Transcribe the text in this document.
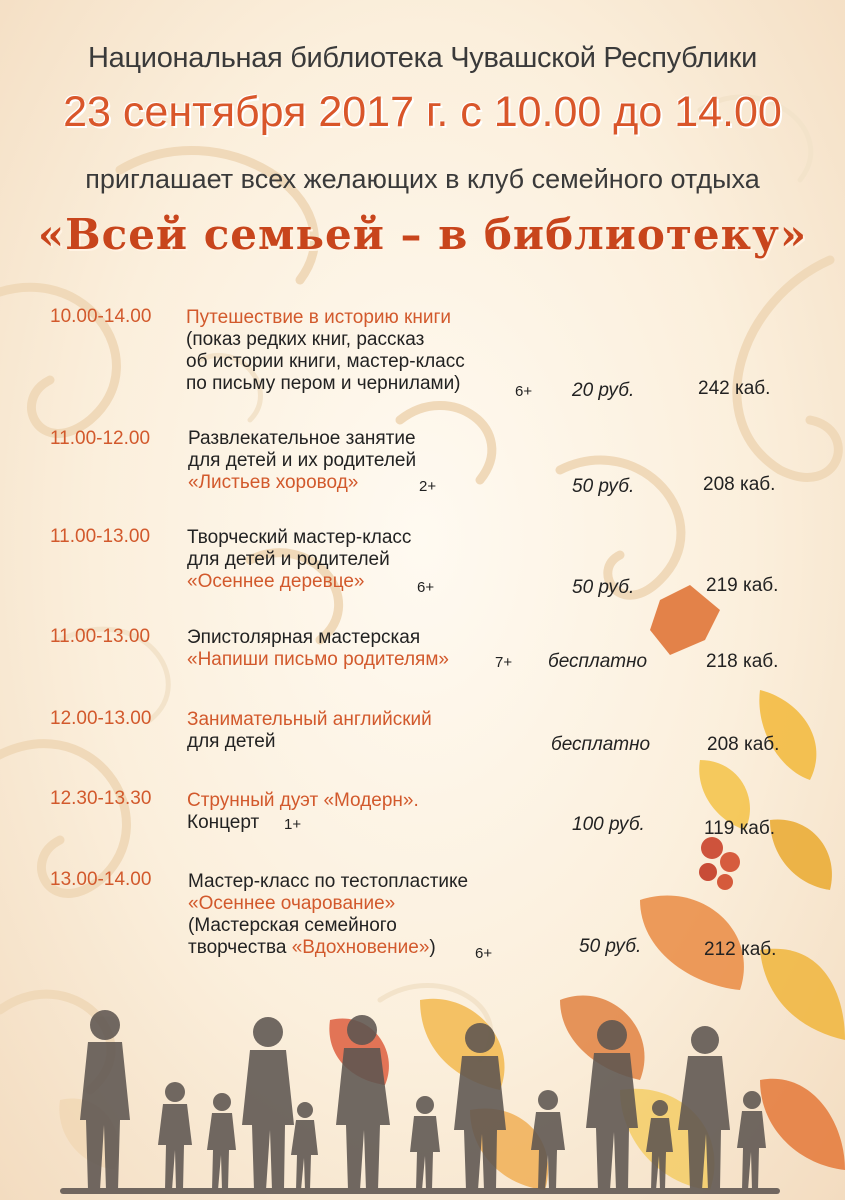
Национальная библиотека Чувашской Республики
23 сентября 2017 г. с 10.00 до 14.00
приглашает всех желающих в клуб семейного отдыха
«Всей семьей – в библиотеку»
10.00-14.00 Путешествие в историю книги
(показ редких книг, рассказ
об истории книги, мастер-класс
по письму пером и чернилами)	6+ 20 руб.	242 каб.
11.00-12.00 Развлекательное занятие
для детей и их родителей
«Листьев хоровод»	2+	50 руб.	208 каб.
11.00-13.00 Творческий мастер-класс
для детей и родителей
«Осеннее деревце»	6+	50 руб.	219 каб.
11.00-13.00 Эпистолярная мастерская
«Напиши письмо родителям»	7+ бесплатно	218 каб.
12.00-13.00 Занимательный английский
для детей	бесплатно	208 каб.
12.30-13.30 Струнный дуэт «Модерн».
Концерт	1+	100 руб.	119 каб.
13.00-14.00 Мастер-класс по тестопластике
«Осеннее очарование»
(Мастерская семейного
творчества «Вдохновение»)	6+	50 руб.	212 каб.
